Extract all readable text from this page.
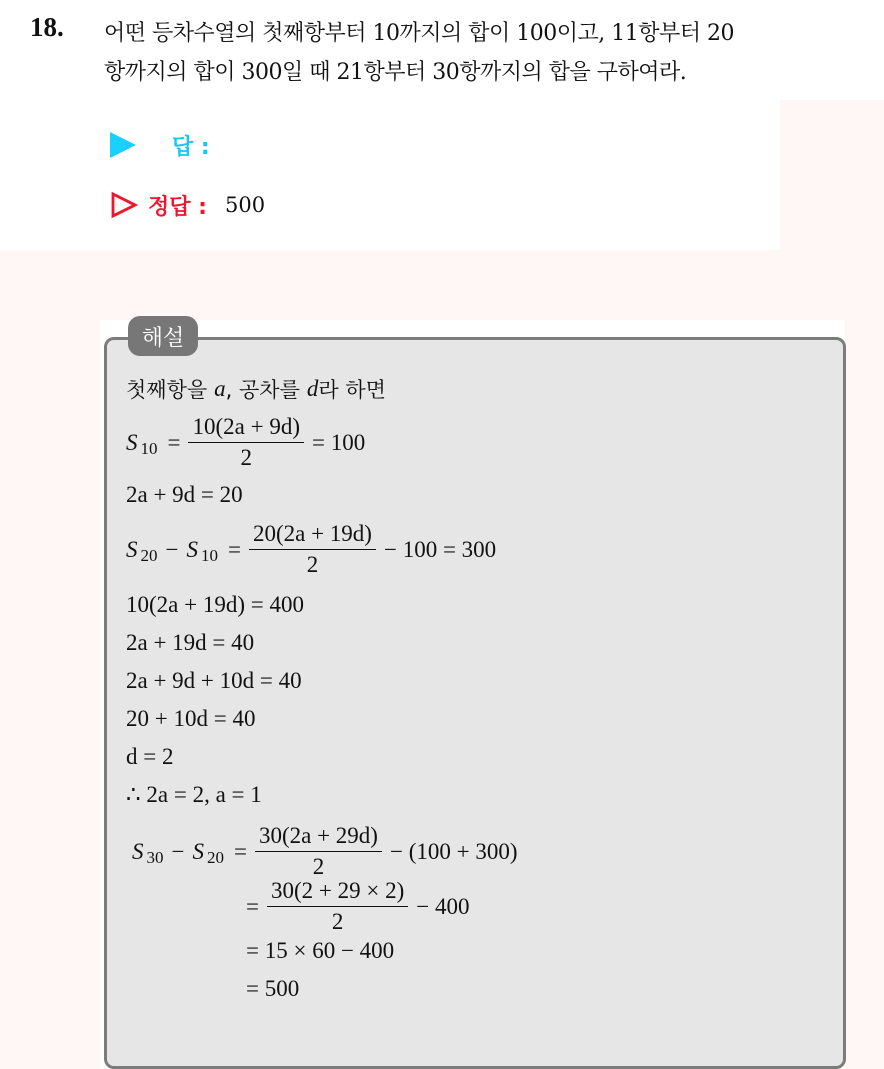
18. 어떤 등차수열의 첫째항부터 10까지의 합이 100이고, 11항부터 20
항까지의 합이 300일 때 21항부터 30항까지의 합을 구하여라.
답 :
정답 : 500
해설
첫째항을 a , 공차를 d 라 하면
S $10 = \frac{10(2a + 9d)}{2} = 100$
2a + 9d = 20
S 20 − S $10 = \frac{20(2a + 19d)}{2} - 100 = 300$
10(2a + 19d) = 400
2a + 19d = 40
2a + 9d + 10d = 40
20 + 10d = 40
d = 2
∴ 2a = 2, a = 1
S 30 − S $20 = \frac{30(2a + 29d)}{2} - (100 + 300)$
= $\frac{30(2 + 29 \times 2)}{2} - 400$
= 15 × 60 − 400
= 500
